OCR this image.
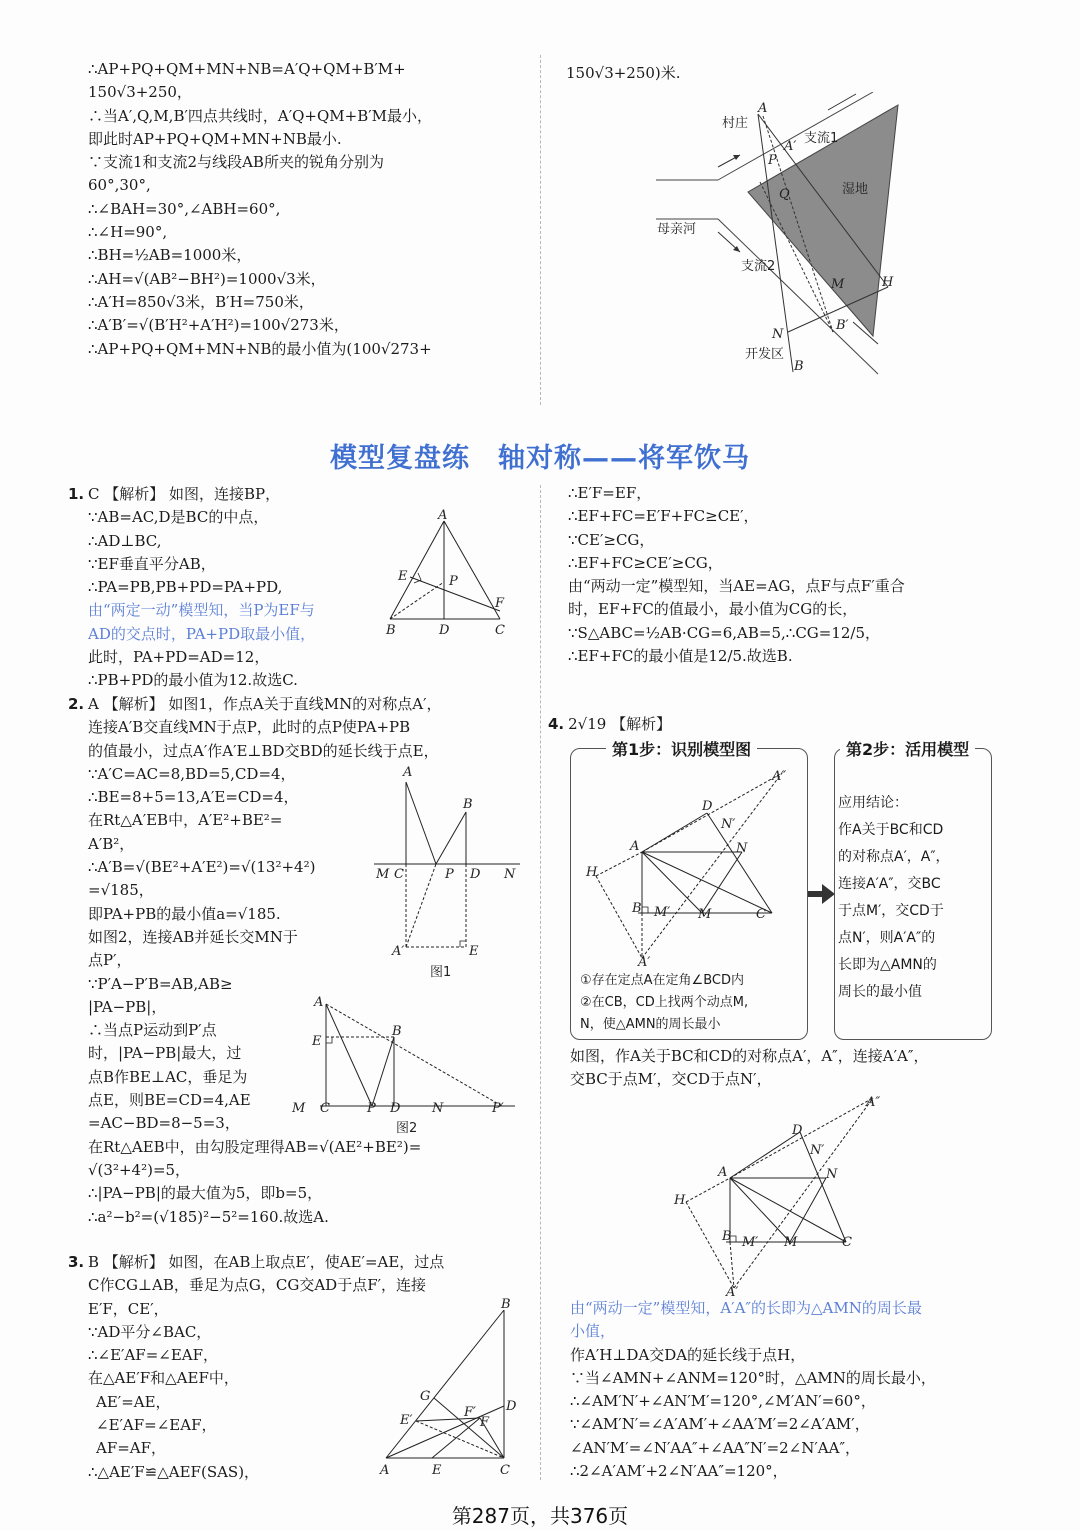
∴AP+PQ+QM+MN+NB=A′Q+QM+B′M+
150√3+250，
∴当A′,Q,M,B′四点共线时，A′Q+QM+B′M最小，
即此时AP+PQ+QM+MN+NB最小.
∵支流1和支流2与线段AB所夹的锐角分别为
60°,30°,
∴∠BAH=30°,∠ABH=60°,
∴∠H=90°,
∴BH=½AB=1000米，
∴AH=√(AB²−BH²)=1000√3米，
∴A′H=850√3米，B′H=750米，
∴A′B′=√(B′H²+A′H²)=100√273米，
∴AP+PQ+QM+MN+NB的最小值为(100√273+
150√3+250)米.
村庄
A
A′
支流1
P
Q	湿地
母亲河
支流2
M	H
B′
N
开发区
B
模型复盘练　轴对称——将军饮马
C 【解析】 如图，连接BP，
∵AB=AC,D是BC的中点，
∴AD⊥BC,
∵EF垂直平分AB，
∴PA=PB,PB+PD=PA+PD,
由“两定一动”模型知，当P为EF与
AD的交点时，PA+PD取最小值，
此时，PA+PD=AD=12，
∴PB+PD的最小值为12.故选C.
1.
A
E	P
F
B	D	C
A 【解析】 如图1，作点A关于直线MN的对称点A′，
连接A′B交直线MN于点P，此时的点P使PA+PB
的值最小，过点A′作A′E⊥BD交BD的延长线于点E，
∵A′C=AC=8,BD=5,CD=4，
∴BE=8+5=13,A′E=CD=4，
在Rt△A′EB中，A′E²+BE²=
A′B²，
∴A′B=√(BE²+A′E²)=√(13²+4²)
=√185，
即PA+PB的最小值a=√185.
如图2，连接AB并延长交MN于
点P′，
∵P′A−P′B=AB,AB≥
|PA−PB|，
∴当点P运动到P′点
时，|PA−PB|最大，过
点B作BE⊥AC，垂足为
点E，则BE=CD=4,AE
=AC−BD=8−5=3，
在Rt△AEB中，由勾股定理得AB=√(AE²+BE²)=
√(3²+4²)=5，
∴|PA−PB|的最大值为5，即b=5，
∴a²−b²=(√185)²−5²=160.故选A.
2.
A
B
M C	P D N
A′	E
图1
A
E
B
M C	P D N	P′
图2
B 【解析】 如图，在AB上取点E′，使AE′=AE，过点
C作CG⊥AB，垂足为点G，CG交AD于点F′，连接
E′F，CE′，
∵AD平分∠BAC，
∴∠E′AF=∠EAF，
在△AE′F和△AEF中，
AE′=AE，
∠E′AF=∠EAF，
AF=AF，
∴△AE′F≌△AEF(SAS)，
3.
B
G
D
E′
F′
F
A	E	C
∴E′F=EF，
∴EF+FC=E′F+FC≥CE′，
∵CE′≥CG，
∴EF+FC≥CE′≥CG，
由“两动一定”模型知，当AE=AG，点F与点F′重合
时，EF+FC的值最小，最小值为CG的长，
∵S△ABC=½AB·CG=6,AB=5,∴CG=12/5，
∴EF+FC的最小值是12/5.故选B.
4. 2√19 【解析】
第1步：识别模型图
A″
D
N′
N
A
H
B M′ M	C
A′
①存在定点A在定角∠BCD内
②在CB，CD上找两个动点M,
N，使△AMN的周长最小
第2步：活用模型
应用结论：
作A关于BC和CD
的对称点A′，A″，
连接A′A″，交BC
于点M′，交CD于
点N′，则A′A″的
长即为△AMN的
周长的最小值
如图，作A关于BC和CD的对称点A′，A″，连接A′A″，
交BC于点M′，交CD于点N′，
A″
D
N′
N
A
H
B M′ M	C
A′
由“两动一定”模型知，A′A″的长即为△AMN的周长最
小值，
作A′H⊥DA交DA的延长线于点H，
∵当∠AMN+∠ANM=120°时，△AMN的周长最小，
∴∠AM′N′+∠AN′M′=120°,∠M′AN′=60°，
∵∠AM′N′=∠A′AM′+∠AA′M′=2∠A′AM′，
∠AN′M′=∠N′AA″+∠AA″N′=2∠N′AA″，
∴2∠A′AM′+2∠N′AA″=120°，
第287页，共376页
